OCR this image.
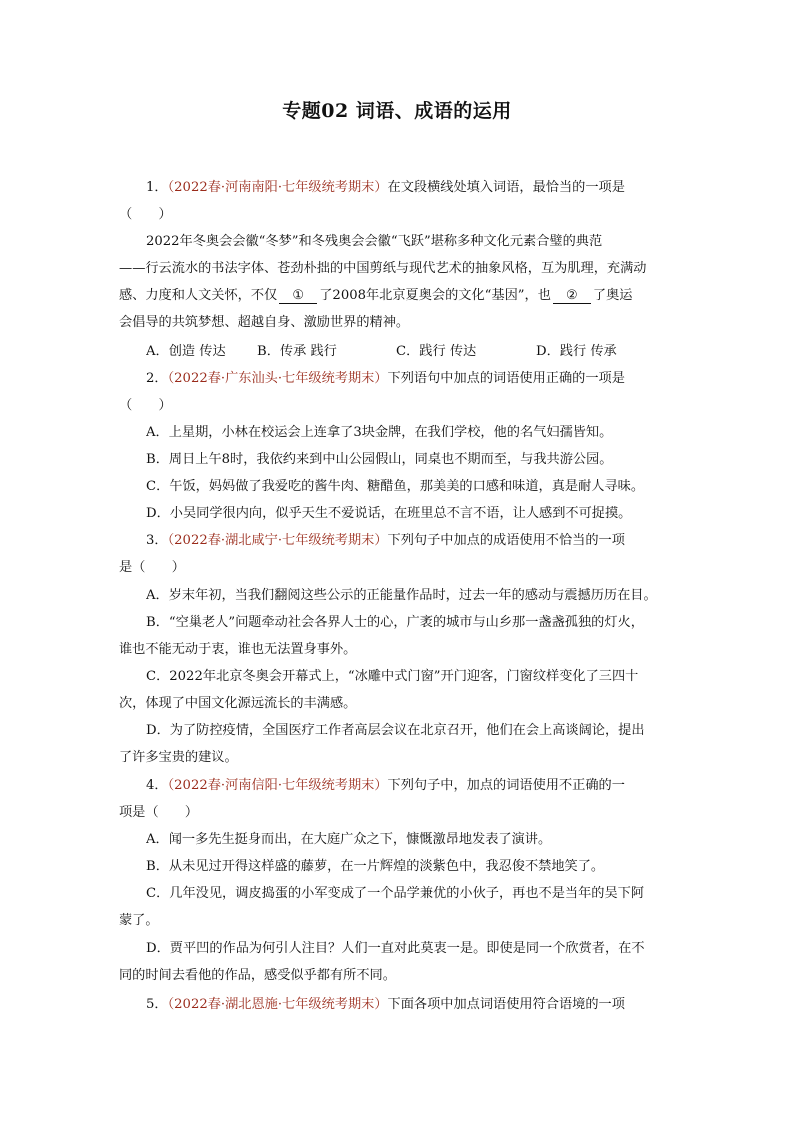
专题02 词语、成语的运用
1．（2022春·河南南阳·七年级统考期末）在文段横线处填入词语，最恰当的一项是
（　　）
2022年冬奥会会徽“冬梦”和冬残奥会会徽“飞跃”堪称多种文化元素合璧的典范
——行云流水的书法字体、苍劲朴拙的中国剪纸与现代艺术的抽象风格，互为肌理，充满动
感、力度和人文关怀，不仅 ① 了2008年北京夏奥会的文化“基因”，也 ② 了奥运
会倡导的共筑梦想、超越自身、激励世界的精神。
A．创造 传达	B．传承 践行	C．践行 传达	D．践行 传承
2．（2022春·广东汕头·七年级统考期末）下列语句中加点的词语使用正确的一项是
（　　）
A．上星期，小林在校运会上连拿了3块金牌，在我们学校，他的名气妇孺皆知。
B．周日上午8时，我依约来到中山公园假山，同桌也不期而至，与我共游公园。
C．午饭，妈妈做了我爱吃的酱牛肉、糖醋鱼，那美美的口感和味道，真是耐人寻味。
D．小吴同学很内向，似乎天生不爱说话，在班里总不言不语，让人感到不可捉摸。
3．（2022春·湖北咸宁·七年级统考期末）下列句子中加点的成语使用不恰当的一项
是（　　）
A．岁末年初，当我们翻阅这些公示的正能量作品时，过去一年的感动与震撼历历在目。
B．“空巢老人”问题牵动社会各界人士的心，广袤的城市与山乡那一盏盏孤独的灯火，
谁也不能无动于衷，谁也无法置身事外。
C．2022年北京冬奥会开幕式上，“冰雕中式门窗”开门迎客，门窗纹样变化了三四十
次，体现了中国文化源远流长的丰满感。
D．为了防控疫情，全国医疗工作者高层会议在北京召开，他们在会上高谈阔论，提出
了许多宝贵的建议。
4．（2022春·河南信阳·七年级统考期末）下列句子中，加点的词语使用不正确的一
项是（　　）
A．闻一多先生挺身而出，在大庭广众之下，慷慨激昂地发表了演讲。
B．从未见过开得这样盛的藤萝，在一片辉煌的淡紫色中，我忍俊不禁地笑了。
C．几年没见，调皮捣蛋的小军变成了一个品学兼优的小伙子，再也不是当年的吴下阿
蒙了。
D．贾平凹的作品为何引人注目？人们一直对此莫衷一是。即使是同一个欣赏者，在不
同的时间去看他的作品，感受似乎都有所不同。
5．（2022春·湖北恩施·七年级统考期末）下面各项中加点词语使用符合语境的一项
